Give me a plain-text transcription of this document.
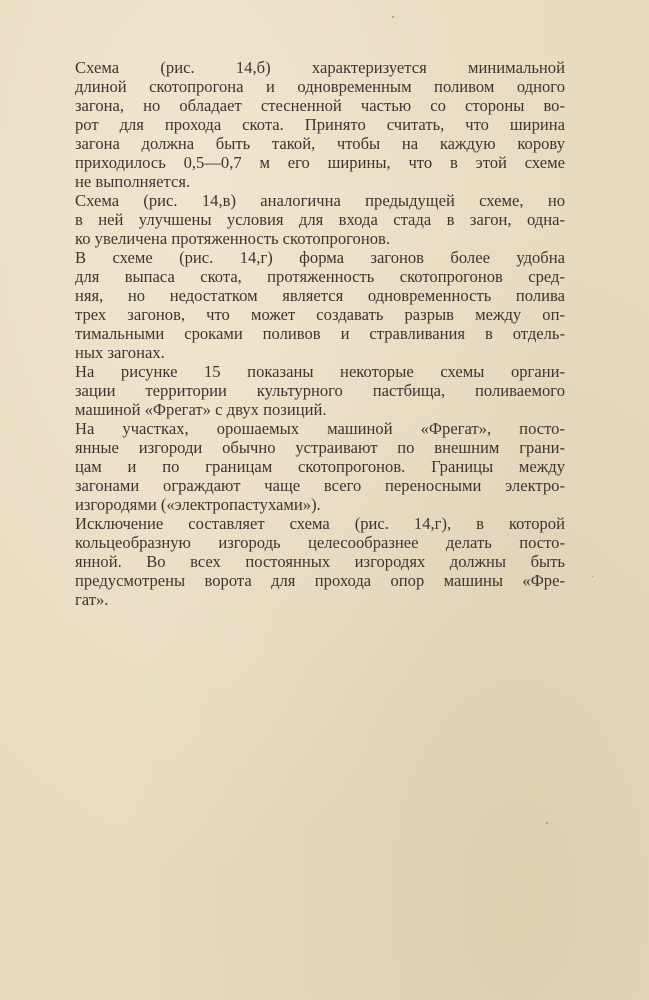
Схема (рис. 14,б) характеризуется минимальной
длиной скотопрогона и одновременным поливом одного
загона, но обладает стесненной частью со стороны во-
рот для прохода скота. Принято считать, что ширина
загона должна быть такой, чтобы на каждую корову
приходилось 0,5—0,7 м его ширины, что в этой схеме
не выполняется.
Схема (рис. 14,в) аналогична предыдущей схеме, но
в ней улучшены условия для входа стада в загон, одна-
ко увеличена протяженность скотопрогонов.
В схеме (рис. 14,г) форма загонов более удобна
для выпаса скота, протяженность скотопрогонов сред-
няя, но недостатком является одновременность полива
трех загонов, что может создавать разрыв между оп-
тимальными сроками поливов и стравливания в отдель-
ных загонах.
На рисунке 15 показаны некоторые схемы органи-
зации территории культурного пастбища, поливаемого
машиной «Фрегат» с двух позиций.
На участках, орошаемых машиной «Фрегат», посто-
янные изгороди обычно устраивают по внешним грани-
цам и по границам скотопрогонов. Границы между
загонами ограждают чаще всего переносными электро-
изгородями («электропастухами»).
Исключение составляет схема (рис. 14,г), в которой
кольцеобразную изгородь целесообразнее делать посто-
янной. Во всех постоянных изгородях должны быть
предусмотрены ворота для прохода опор машины «Фре-
гат».
